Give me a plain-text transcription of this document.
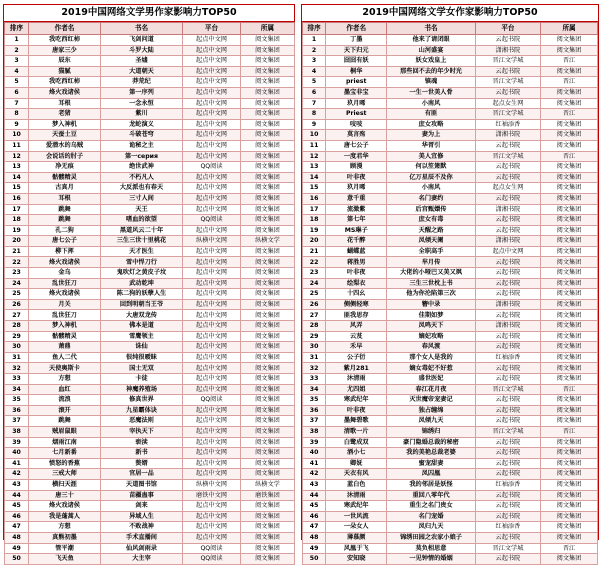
2019中国网络文学男作家影响力TOP50
排序	作者名	书名	平台	所属
1	我吃西红柿	飞剑问道	起点中文网	阅文集团
2	唐家三少	斗罗大陆	起点中文网	阅文集团
3	辰东	圣墟	起点中文网	阅文集团
4	猫腻	大道朝天	起点中文网	阅文集团
5	我吃西红柿	莽荒纪	起点中文网	阅文集团
6	烽火戏诸侯	第一序列	起点中文网	阅文集团
7	耳根	一念永恒	起点中文网	阅文集团
8	老猪	紫川	起点中文网	阅文集团
9	梦入神机	龙蛇演义	起点中文网	阅文集团
10	天蚕土豆	斗破苍穹	起点中文网	阅文集团
11	爱潜水的乌贼	诡秘之主	起点中文网	阅文集团
12	会说话的肘子	第一серия	起点中文网	阅文集团
13	净无痕	绝世武神	QQ阅读	阅文集团
14	骷髅精灵	不朽凡人	起点中文网	阅文集团
15	古真月	大反派也有春天	起点中文网	阅文集团
16	耳根	三寸人间	起点中文网	阅文集团
17	跳舞	天王	起点中文网	阅文集团
18	跳舞	嗜血的欲望	QQ阅读	阅文集团
19	孔二狗	黑道风云二十年	起点中文网	阅文集团
20	唐七公子	三生三世十里桃花	纵横中文网	纵横文学
21	柳下挥	天才医生	起点中文网	阅文集团
22	烽火戏诸侯	雪中悍刀行	起点中文网	阅文集团
23	金乌	鬼吹灯之黄皮子坟	起点中文网	阅文集团
24	乱世狂刀	武动乾坤	起点中文网	阅文集团
25	烽火戏诸侯	陈二狗的妖孽人生	起点中文网	阅文集团
26	月关	回到明朝当王爷	起点中文网	阅文集团
27	乱世狂刀	大唐双龙传	起点中文网	阅文集团
28	梦入神机	佛本是道	起点中文网	阅文集团
29	骷髅精灵	雪鹰领主	起点中文网	阅文集团
30	萧鼎	诛仙	起点中文网	阅文集团
31	鱼人二代	很纯很暧昧	起点中文网	阅文集团
32	天使奥斯卡	国士无双	起点中文网	阅文集团
33	方想	卡徒	起点中文网	阅文集团
34	血红	神魔养殖场	起点中文网	阅文集团
35	流浪	修真世界	QQ阅读	阅文集团
36	滚开	九星霸体诀	起点中文网	阅文集团
37	跳舞	恶魔法则	起点中文网	阅文集团
38	贼眉鼠眼	宰执天下	起点中文网	阅文集团
39	烟雨江南	亵渎	起点中文网	阅文集团
40	七月新番	新书	起点中文网	阅文集团
41	愤怒的香蕉	赘婿	起点中文网	阅文集团
42	三戒大师	官居一品	起点中文网	阅文集团
43	横扫天涯	天道图书馆	纵横中文网	纵横文学
44	唐三十	苗疆蛊事	磨铁中文网	磨铁集团
45	烽火戏诸侯	剑来	起点中文网	阅文集团
46	我是蓬蒿人	异域人生	起点中文网	阅文集团
47	方想	不败战神	起点中文网	阅文集团
48	真熊初墨	手术直播间	起点中文网	阅文集团
49	管平潮	仙风剑雨录	QQ阅读	阅文集团
50	飞天鱼	大主宰	QQ阅读	阅文集团
2019中国网络文学女作家影响力TOP50
排序	作者名	书名	平台	所属
1	丁墨	他来了请闭眼	云起书院	阅文集团
2	天下归元	山河盛宴	潇湘书院	阅文集团
3	囧囧有妖	妖女戏皇上	晋江文学城	晋江
4	桐华	那些回不去的年少时光	云起书院	阅文集团
5	priest	镇魂	晋江文学城	晋江
6	墨宝非宝	一生一世美人骨	云起书院	阅文集团
7	玖月晞	小南风	起点女生网	阅文集团
8	Priest	有匪	晋江文学城	晋江
9	吱吱	庶女攻略	红袖添香	阅文集团
10	莫言殇	妻为上	潇湘书院	阅文集团
11	唐七公子	华胥引	云起书院	阅文集团
12	一度君华	美人宜修	晋江文学城	晋江
13	顾漫	何以笙箫默	云起书院	阅文集团
14	叶非夜	亿万星辰不及你	云起书院	阅文集团
15	玖月晞	小南风	起点女生网	阅文集团
16	意千重	名门妻约	云起书院	阅文集团
17	流潋紫	后宫甄嬛传	潇湘书院	阅文集团
18	第七年	庶女有毒	云起书院	阅文集团
19	MS琳子	天醒之路	云起书院	阅文集团
20	花千醉	凤倾天阑	潇湘书院	阅文集团
21	蝴蝶蓝	全职高手	起点中文网	阅文集团
22	蒋胜男	芈月传	云起书院	阅文集团
23	叶非夜	大佬的小哑巴又美又飒	云起书院	阅文集团
24	绘梨衣	三生三世枕上书	云起书院	阅文集团
25	十四幺	他为你沦陷第三次	云起书院	阅文集团
26	侧侧轻寒	簪中录	潇湘书院	阅文集团
27	匪我思存	佳期如梦	云起书院	阅文集团
28	风弄	凤鸣天下	潇湘书院	阅文集团
29	云芨	嫡妃攻略	云起书院	阅文集团
30	禾早	春风渡	云起书院	阅文集团
31	公子衍	那个女人是我的	红袖添香	阅文集团
32	紫月281	嫡女毒妃不好惹	云起书院	阅文集团
33	沐清雨	盛世医妃	云起书院	阅文集团
34	尤四姐	春江花月夜	晋江文学城	晋江
35	寒武纪年	灭世魔帝宠妻记	云起书院	阅文集团
36	叶非夜	独占缠绵	云起书院	阅文集团
37	墨舞碧歌	凤倾九天	云起书院	阅文集团
38	清歌一片	锦绣归	晋江文学城	晋江
39	白鹭成双	豪门隐婚总裁的秘密	云起书院	阅文集团
40	酒小七	我的美艳总裁老婆	云起书院	阅文集团
41	卿妩	蜜宠甜妻	云起书院	阅文集团
42	天衣有风	凤囚凰	云起书院	阅文集团
43	蓝白色	我的邻居是妖怪	红袖添香	阅文集团
44	沐清雨	重回八零年代	云起书院	阅文集团
45	寒武纪年	重生之名门贵女	云起书院	阅文集团
46	一世风流	名门宠婚	云起书院	阅文集团
47	一朵女人	凤归九天	红袖添香	阅文集团
48	薄慕颜	锦绣田园之农家小娘子	云起书院	阅文集团
49	风凰于飞	莫负相思意	晋江文学城	晋江
50	安知晓	一见钟情的婚姻	云起书院	阅文集团
